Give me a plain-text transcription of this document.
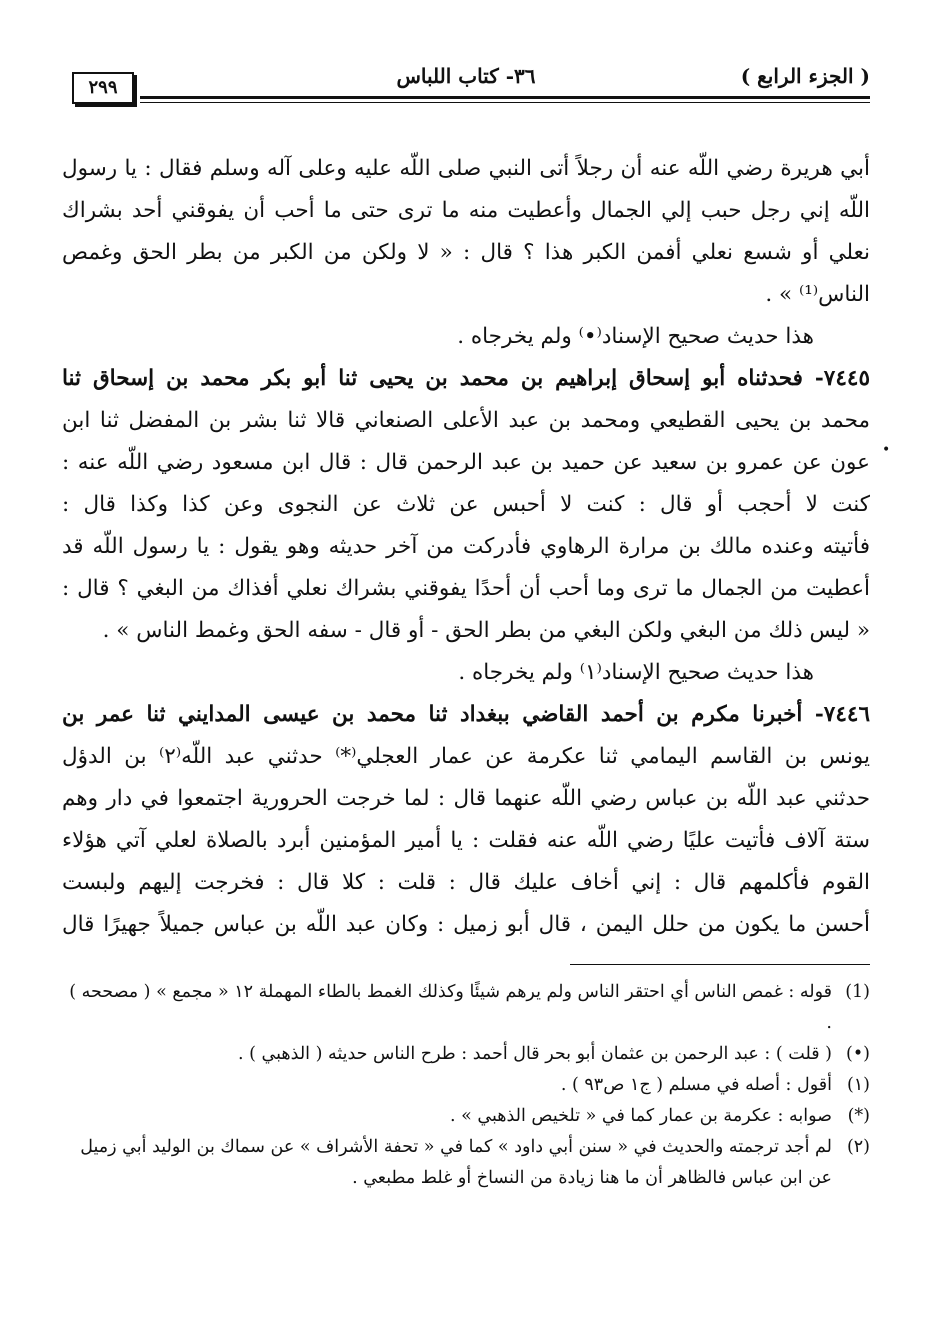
( الجزء الرابع )
٣٦- كتاب اللباس
٢٩٩
أبي هريرة رضي اللّه عنه أن رجلاً أتى النبي صلى اللّه عليه وعلى آله وسلم فقال : يا رسول
اللّه إني رجل حبب إلي الجمال وأعطيت منه ما ترى حتى ما أحب أن يفوقني أحد بشراك
نعلي أو شسع نعلي أفمن الكبر هذا ؟ قال : « لا ولكن من الكبر من بطر الحق وغمص
الناس⁽¹⁾ » .
هذا حديث صحيح الإسناد⁽•⁾ ولم يخرجاه .
٧٤٤٥- فحدثناه أبو إسحاق إبراهيم بن محمد بن يحيى ثنا أبو بكر محمد بن إسحاق ثنا
محمد بن يحيى القطيعي ومحمد بن عبد الأعلى الصنعاني قالا ثنا بشر بن المفضل ثنا ابن
عون عن عمرو بن سعيد عن حميد بن عبد الرحمن قال : قال ابن مسعود رضي اللّه عنه :
كنت لا أحجب أو قال : كنت لا أحبس عن ثلاث عن النجوى وعن كذا وكذا قال :
فأتيته وعنده مالك بن مرارة الرهاوي فأدركت من آخر حديثه وهو يقول : يا رسول اللّه قد
أعطيت من الجمال ما ترى وما أحب أن أحدًا يفوقني بشراك نعلي أفذاك من البغي ؟ قال :
« ليس ذلك من البغي ولكن البغي من بطر الحق - أو قال - سفه الحق وغمط الناس » .
هذا حديث صحيح الإسناد⁽١⁾ ولم يخرجاه .
٧٤٤٦- أخبرنا مكرم بن أحمد القاضي ببغداد ثنا محمد بن عيسى المدايني ثنا عمر بن
يونس بن القاسم اليمامي ثنا عكرمة عن عمار العجلي⁽*⁾ حدثني عبد اللّه⁽٢⁾ بن الدؤل
حدثني عبد اللّه بن عباس رضي اللّه عنهما قال : لما خرجت الحرورية اجتمعوا في دار وهم
ستة آلاف فأتيت عليًا رضي اللّه عنه فقلت : يا أمير المؤمنين أبرد بالصلاة لعلي آتي هؤلاء
القوم فأكلمهم قال : إني أخاف عليك قال : قلت : كلا قال : فخرجت إليهم ولبست
أحسن ما يكون من حلل اليمن ، قال أبو زميل : وكان عبد اللّه بن عباس جميلاً جهيرًا قال
(1)
قوله : غمص الناس أي احتقر الناس ولم يرهم شيئًا وكذلك الغمط بالطاء المهملة ١٢ « مجمع » ( مصححه ) .
(•)
( قلت ) : عبد الرحمن بن عثمان أبو بحر قال أحمد : طرح الناس حديثه ( الذهبي ) .
(١)
أقول : أصله في مسلم ( ج١ ص٩٣ ) .
(*)
صوابه : عكرمة بن عمار كما في « تلخيص الذهبي » .
(٢)
لم أجد ترجمته والحديث في « سنن أبي داود » كما في « تحفة الأشراف » عن سماك بن الوليد أبي زميل عن ابن عباس فالظاهر أن ما هنا زيادة من النساخ أو غلط مطبعي .
•
